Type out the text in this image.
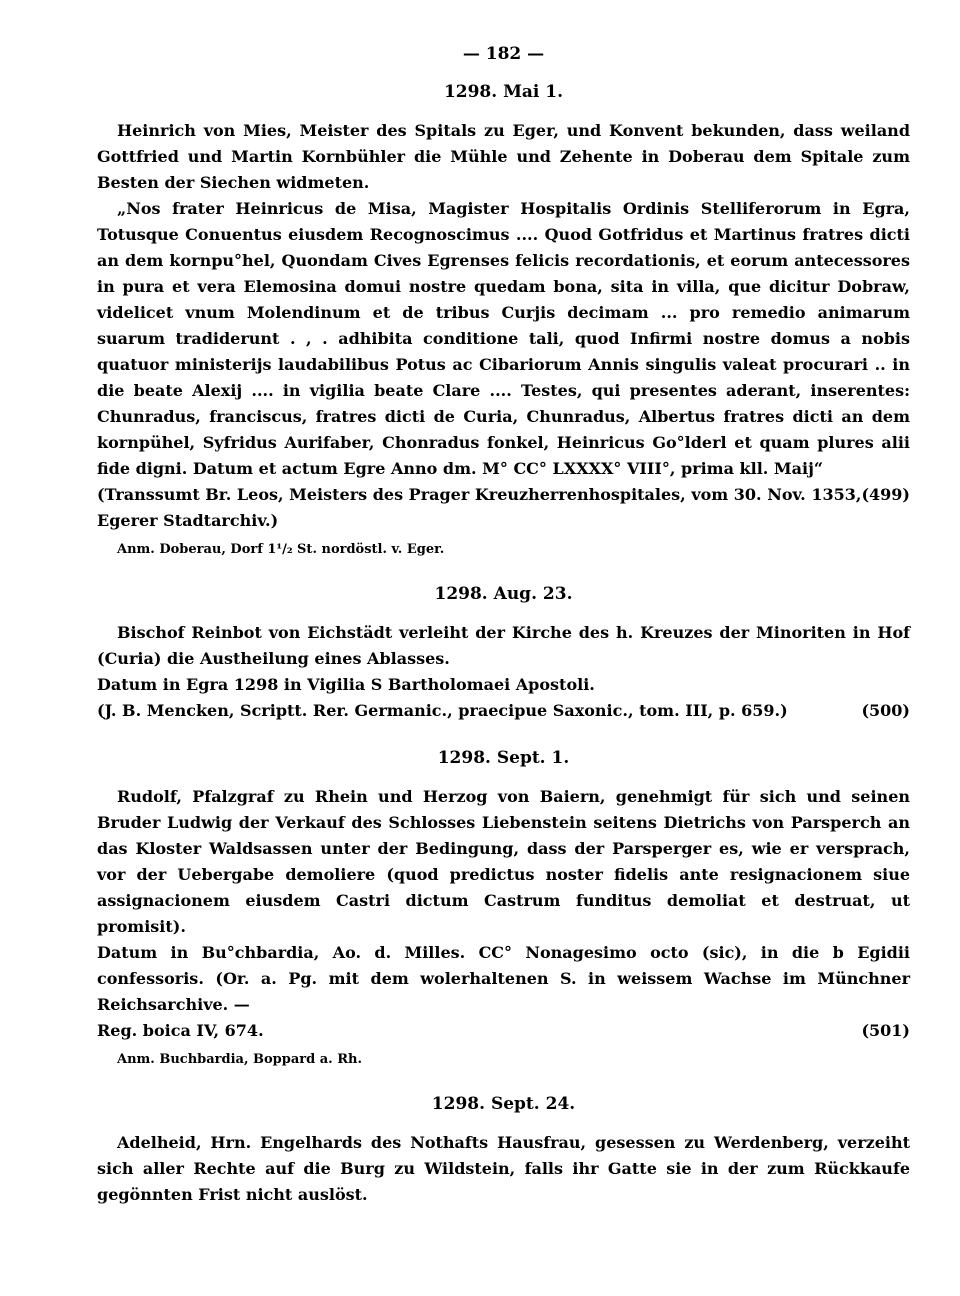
— 182 —
1298. Mai 1.

Heinrich von Mies, Meister des Spitals zu Eger, und Konvent bekunden, dass weiland Gottfried und Martin Kornbühler die Mühle und Zehente in Doberau dem Spitale zum Besten der Siechen widmeten.

„Nos frater Heinricus de Misa, Magister Hospitalis Ordinis Stelliferorum in Egra, Totusque Conuentus eiusdem Recognoscimus .... Quod Gotfridus et Martinus fratres dicti an dem kornpu°hel, Quondam Cives Egrenses felicis recordationis, et eorum antecessores in pura et vera Elemosina domui nostre quedam bona, sita in villa, que dicitur Dobraw, videlicet vnum Molendinum et de tribus Curjis decimam ... pro remedio animarum suarum tradiderunt . , . adhibita conditione tali, quod Infirmi nostre domus a nobis quatuor ministerijs laudabilibus Potus ac Cibariorum Annis singulis valeat procurari .. in die beate Alexij .... in vigilia beate Clare .... Testes, qui presentes aderant, inserentes: Chunradus, franciscus, fratres dicti de Curia, Chunradus, Albertus fratres dicti an dem kornpühel, Syfridus Aurifaber, Chonradus fonkel, Heinricus Go°lderl et quam plures alii fide digni. Datum et actum Egre Anno dm. M° CC° LXXXX° VIII°, prima kll. Maij“

(Transsumt Br. Leos, Meisters des Prager Kreuzherrenhospitales, vom 30. Nov. 1353, Egerer Stadtarchiv.)
(499)
Anm. Doberau, Dorf 1¹/₂ St. nordöstl. v. Eger.
1298. Aug. 23.

Bischof Reinbot von Eichstädt verleiht der Kirche des h. Kreuzes der Minoriten in Hof (Curia) die Austheilung eines Ablasses.

Datum in Egra 1298 in Vigilia S Bartholomaei Apostoli.

(J. B. Mencken, Scriptt. Rer. Germanic., praecipue Saxonic., tom. III, p. 659.)	(500)
1298. Sept. 1.

Rudolf, Pfalzgraf zu Rhein und Herzog von Baiern, genehmigt für sich und seinen Bruder Ludwig der Verkauf des Schlosses Liebenstein seitens Dietrichs von Parsperch an das Kloster Waldsassen unter der Bedingung, dass der Parsperger es, wie er versprach, vor der Uebergabe demoliere (quod predictus noster fidelis ante resignacionem siue assignacionem eiusdem Castri dictum Castrum funditus demoliat et destruat, ut promisit).

Datum in Bu°chbardia, Ao. d. Milles. CC° Nonagesimo octo (sic), in die b Egidii confessoris. (Or. a. Pg. mit dem wolerhaltenen S. in weissem Wachse im Münchner Reichsarchive. —

Reg. boica IV, 674.	(501)
Anm. Buchbardia, Boppard a. Rh.
1298. Sept. 24.

Adelheid, Hrn. Engelhards des Nothafts Hausfrau, gesessen zu Werdenberg, verzeiht sich aller Rechte auf die Burg zu Wildstein, falls ihr Gatte sie in der zum Rückkaufe gegönnten Frist nicht auslöst.
